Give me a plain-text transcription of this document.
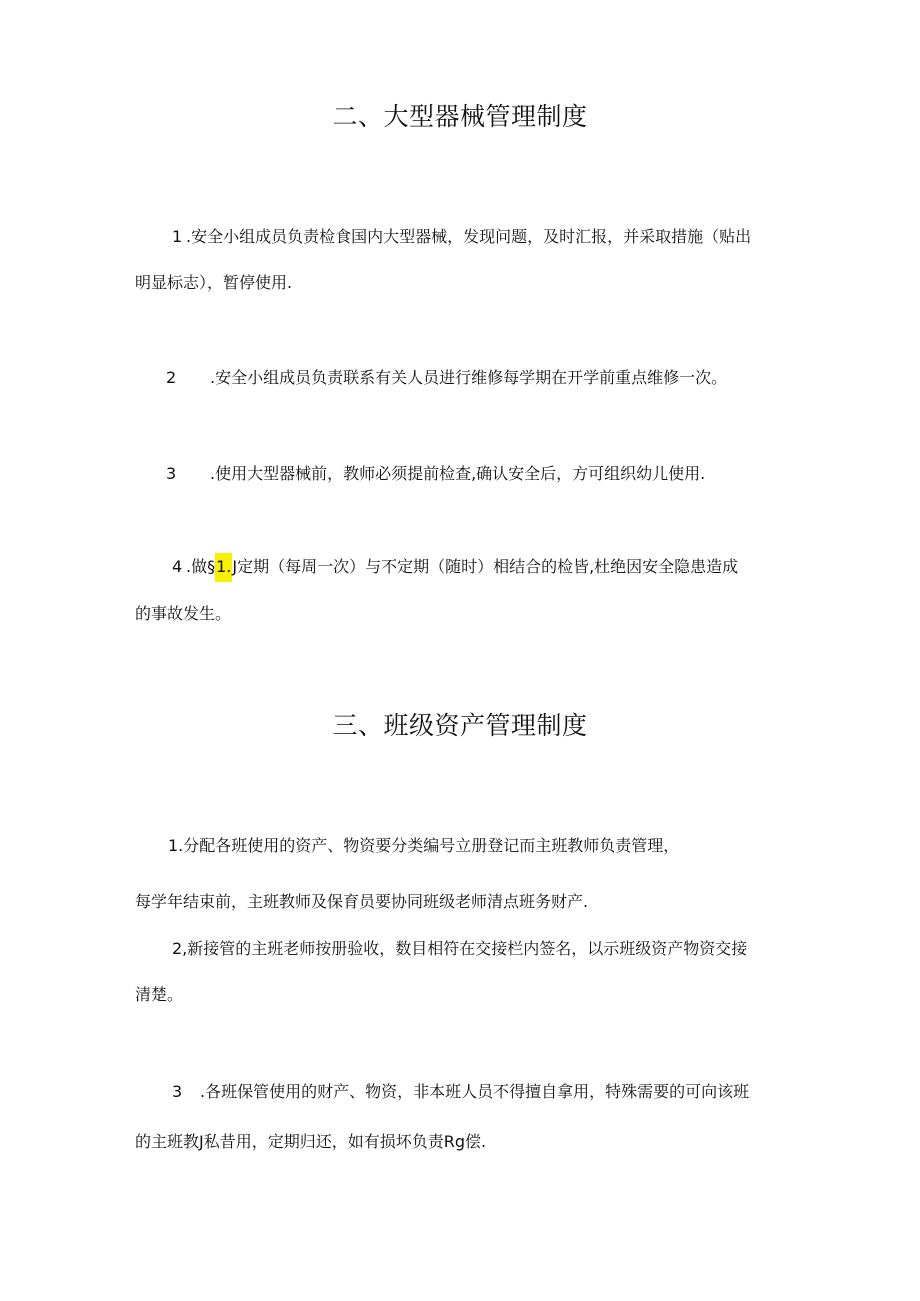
二、大型器械管理制度

1 .安全小组成员负责检食国内大型器械，发现问题，及时汇报，并采取措施（贴出

明显标志），暂停使用.

2 .安全小组成员负责联系有关人员进行维修每学期在开学前重点维修一次。

3 .使用大型器械前，教师必须提前检查,确认安全后，方可组织幼儿使用.

4 .做§1.J定期（每周一次）与不定期（随时）相结合的检皆,杜绝因安全隐患造成

的事故发生。

三、班级资产管理制度

1.分配各班使用的资产、物资要分类编号立册登记而主班教师负责管理，

每学年结束前，主班教师及保育员要协同班级老师清点班务财产.

2,新接管的主班老师按册验收，数目相符在交接栏内签名，以示班级资产物资交接

清楚。

3 .各班保管使用的财产、物资，非本班人员不得擅自拿用，特殊需要的可向该班

的主班教J私昔用，定期归还，如有损坏负责Rg偿.
